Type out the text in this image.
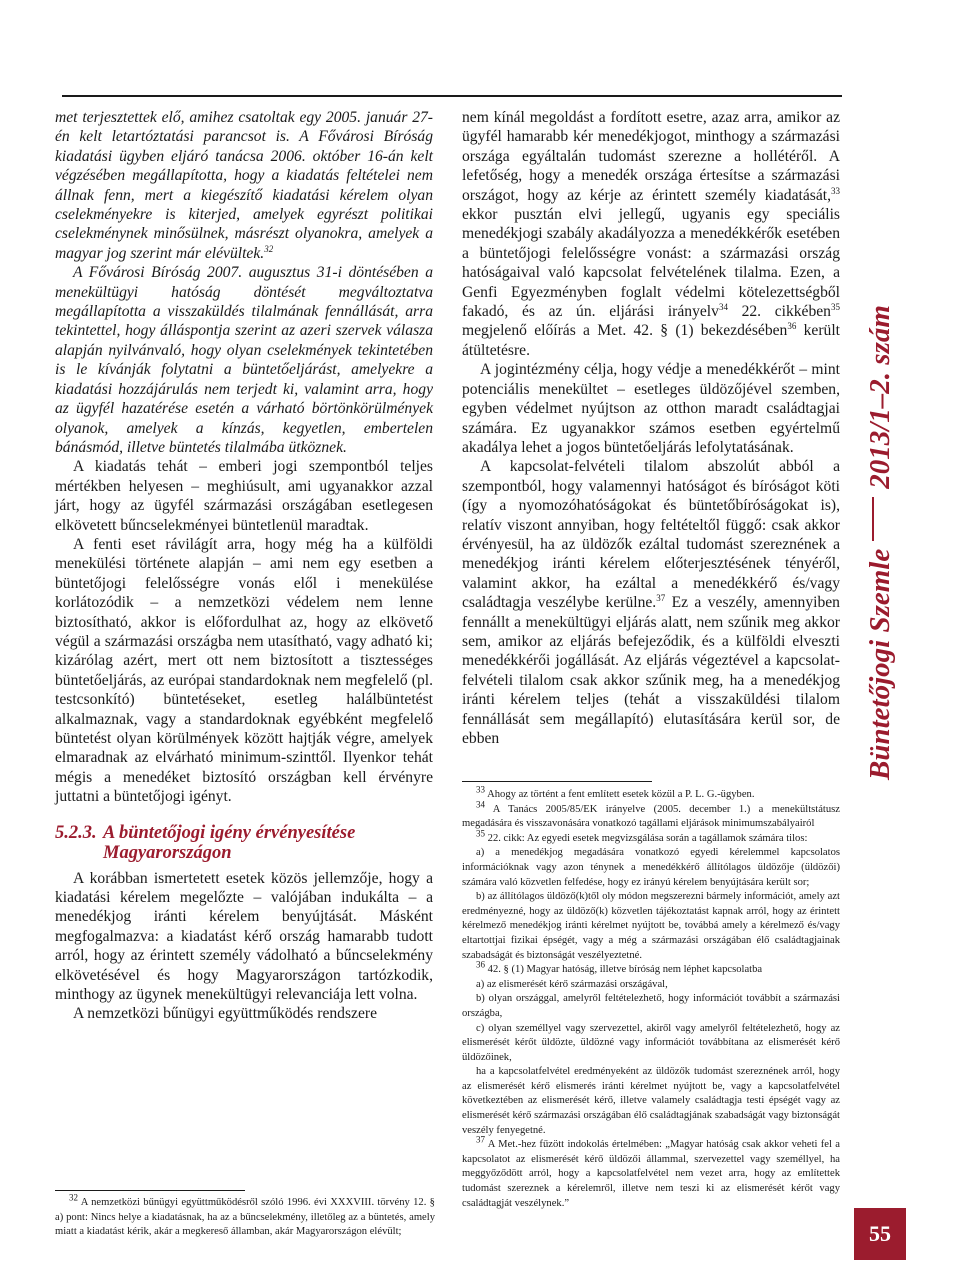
met terjesztettek elő, amihez csatoltak egy 2005. január 27-én kelt letartóztatási parancsot is. A Fővárosi Bíróság kiadatási ügyben eljáró tanácsa 2006. október 16-án kelt végzésében megállapította, hogy a kiadatás feltételei nem állnak fenn, mert a kiegészítő kiadatási kérelem olyan cselekményekre is kiterjed, amelyek egyrészt politikai cselekménynek minősülnek, másrészt olyanokra, amelyek a magyar jog szerint már elévültek.$^{32}$

A Fővárosi Bíróság 2007. augusztus 31-i döntésében a menekültügyi hatóság döntését megváltoztatva megállapította a visszaküldés tilalmának fennállását, arra tekintettel, hogy álláspontja szerint az azeri szervek válasza alapján nyilvánvaló, hogy olyan cselekmények tekintetében is le kívánják folytatni a büntetőeljárást, amelyekre a kiadatási hozzájárulás nem terjedt ki, valamint arra, hogy az ügyfél hazatérése esetén a várható börtönkörülmények olyanok, amelyek a kínzás, kegyetlen, embertelen bánásmód, illetve büntetés tilalmába ütköznek.

A kiadatás tehát – emberi jogi szempontból teljes mértékben helyesen – meghiúsult, ami ugyanakkor azzal járt, hogy az ügyfél származási országában esetlegesen elkövetett bűncselekményei büntetlenül maradtak.

A fenti eset rávilágít arra, hogy még ha a külföldi menekülési története alapján – ami nem egy esetben a büntetőjogi felelősségre vonás elől i menekülése korlátozódik – a nemzetközi védelem nem lenne biztosítható, akkor is előfordulhat az, hogy az elkövető végül a származási országba nem utasítható, vagy adható ki; kizárólag azért, mert ott nem biztosított a tisztességes büntetőeljárás, az európai standardoknak nem megfelelő (pl. testcsonkító) büntetéseket, esetleg halálbüntetést alkalmaznak, vagy a standardoknak egyébként megfelelő büntetést olyan körülmények között hajtják végre, amelyek elmaradnak az elvárható minimum-szinttől. Ilyenkor tehát mégis a menedéket biztosító országban kell érvényre juttatni a büntetőjogi igényt.

5.2.3. A büntetőjogi igény érvényesítése
Magyarországon

A korábban ismertetett esetek közös jellemzője, hogy a kiadatási kérelem megelőzte – valójában indukálta – a menedékjog iránti kérelem benyújtását. Másként megfogalmazva: a kiadatást kérő ország hamarabb tudott arról, hogy az érintett személy vádolható a bűncselekmény elkövetésével és hogy Magyarországon tartózkodik, minthogy az ügynek menekültügyi relevanciája lett volna.

A nemzetközi bűnügyi együttműködés rendszere

$^{32}$ A nemzetközi bűnügyi együttműködésről szóló 1996. évi XXXVIII. törvény 12. § a) pont: Nincs helye a kiadatásnak, ha az a bűncselekmény, illetőleg az a büntetés, amely miatt a kiadatást kérik, akár a megkereső államban, akár Magyarországon elévült;

nem kínál megoldást a fordított esetre, azaz arra, amikor az ügyfél hamarabb kér menedékjogot, minthogy a származási országa egyáltalán tudomást szerezne a hollétéről. A lefetőség, hogy a menedék országa értesítse a származási országot, hogy az kérje az érintett személy kiadatását,$^{33}$ ekkor pusztán elvi jellegű, ugyanis egy speciális menedékjogi szabály akadályozza a menedékkérők esetében a büntetőjogi felelősségre vonást: a származási ország hatóságaival való kapcsolat felvételének tilalma. Ezen, a Genfi Egyezményben foglalt védelmi kötelezettségből fakadó, és az ún. eljárási irányelv$^{34}$ 22. cikkében$^{35}$ megjelenő előírás a Met. 42. § (1) bekezdésében$^{36}$ került átültetésre.

A jogintézmény célja, hogy védje a menedékkérőt – mint potenciális menekültet – esetleges üldözőjével szemben, egyben védelmet nyújtson az otthon maradt családtagjai számára. Ez ugyanakkor számos esetben egyértelmű akadálya lehet a jogos büntetőeljárás lefolytatásának.

A kapcsolat-felvételi tilalom abszolút abból a szempontból, hogy valamennyi hatóságot és bíróságot köti (így a nyomozóhatóságokat és büntetőbíróságokat is), relatív viszont annyiban, hogy feltételtől függő: csak akkor érvényesül, ha az üldözők ezáltal tudomást szereznének a menedékjog iránti kérelem előterjesztésének tényéről, valamint akkor, ha ezáltal a menedékkérő és/vagy családtagja veszélybe kerülne.$^{37}$ Ez a veszély, amennyiben fennállt a menekültügyi eljárás alatt, nem szűnik meg akkor sem, amikor az eljárás befejeződik, és a külföldi elveszti menedékkérői jogállását. Az eljárás végeztével a kapcsolat-felvételi tilalom csak akkor szűnik meg, ha a menedékjog iránti kérelem teljes (tehát a visszaküldési tilalom fennállását sem megállapító) elutasítására kerül sor, de ebben

$^{33}$ Ahogy az történt a fent említett esetek közül a P. L. G.-ügyben.

$^{34}$ A Tanács 2005/85/EK irányelve (2005. december 1.) a menekültstátusz megadására és visszavonására vonatkozó tagállami eljárások minimumszabályairól

$^{35}$ 22. cikk: Az egyedi esetek megvizsgálása során a tagállamok számára tilos:

a) a menedékjog megadására vonatkozó egyedi kérelemmel kapcsolatos információknak vagy azon ténynek a menedékkérő állítólagos üldözője (üldözői) számára való közvetlen felfedése, hogy ez irányú kérelem benyújtására került sor;

b) az állítólagos üldöző(k)től oly módon megszerezni bármely információt, amely azt eredményezné, hogy az üldöző(k) közvetlen tájékoztatást kapnak arról, hogy az érintett kérelmező menedékjog iránti kérelmet nyújtott be, továbbá amely a kérelmező és/vagy eltartottjai fizikai épségét, vagy a még a származási országában élő családtagjainak szabadságát és biztonságát veszélyeztetné.

$^{36}$ 42. § (1) Magyar hatóság, illetve bíróság nem léphet kapcsolatba

a) az elismerését kérő származási országával,

b) olyan országgal, amelyről feltételezhető, hogy információt továbbít a származási országba,

c) olyan személlyel vagy szervezettel, akiről vagy amelyről feltételezhető, hogy az elismerését kérőt üldözte, üldözné vagy információt továbbítana az elismerését kérő üldözőinek,

ha a kapcsolatfelvétel eredményeként az üldözők tudomást szereznének arról, hogy az elismerését kérő elismerés iránti kérelmet nyújtott be, vagy a kapcsolatfelvétel következtében az elismerését kérő, illetve valamely családtagja testi épségét vagy az elismerését kérő származási országában élő családtagjának szabadságát vagy biztonságát veszély fenyegetné.

$^{37}$ A Met.-hez fűzött indokolás értelmében: „Magyar hatóság csak akkor veheti fel a kapcsolatot az elismerését kérő üldözői állammal, szervezettel vagy személlyel, ha meggyőződött arról, hogy a kapcsolatfelvétel nem vezet arra, hogy az említettek tudomást szereznek a kérelemről, illetve nem teszi ki az elismerését kérőt vagy családtagját veszélynek.”

Büntetőjogi Szemle2013/1–2. szám
55
